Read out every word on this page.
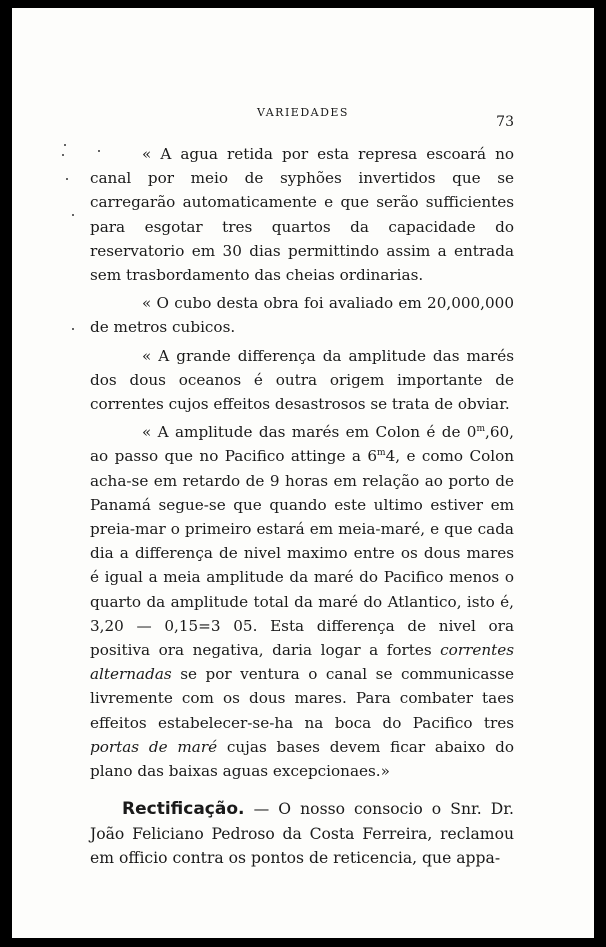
VARIEDADES
73

« A agua retida por esta represa escoará no canal por meio de syphões invertidos que se carregarão automaticamente e que serão sufficientes para esgotar tres quartos da capacidade do reservatorio em 30 dias permittindo assim a entrada sem trasbordamento das cheias ordinarias.

« O cubo desta obra foi avaliado em 20,000,000 de metros cubicos.

« A grande differença da amplitude das marés dos dous oceanos é outra origem importante de correntes cujos effeitos desastrosos se trata de obviar.

« A amplitude das marés em Colon é de 0$^m$,60, ao passo que no Pacifico attinge a 6$^m$4, e como Colon acha-se em retardo de 9 horas em relação ao porto de Panamá segue-se que quando este ultimo estiver em preia-mar o primeiro estará em meia-maré, e que cada dia a differença de nivel maximo entre os dous mares é igual a meia amplitude da maré do Pacifico menos o quarto da amplitude total da maré do Atlantico, isto é, 3,20 — 0,15=3 05. Esta differença de nivel ora positiva ora negativa, daria logar a fortes correntes alternadas se por ventura o canal se communicasse livremente com os dous mares. Para combater taes effeitos estabelecer-se-ha na boca do Pacifico tres portas de maré cujas bases devem ficar abaixo do plano das baixas aguas excepcionaes.»

Rectificação. — O nosso consocio o Snr. Dr. João Feliciano Pedroso da Costa Ferreira, reclamou em officio contra os pontos de reticencia, que appa-
